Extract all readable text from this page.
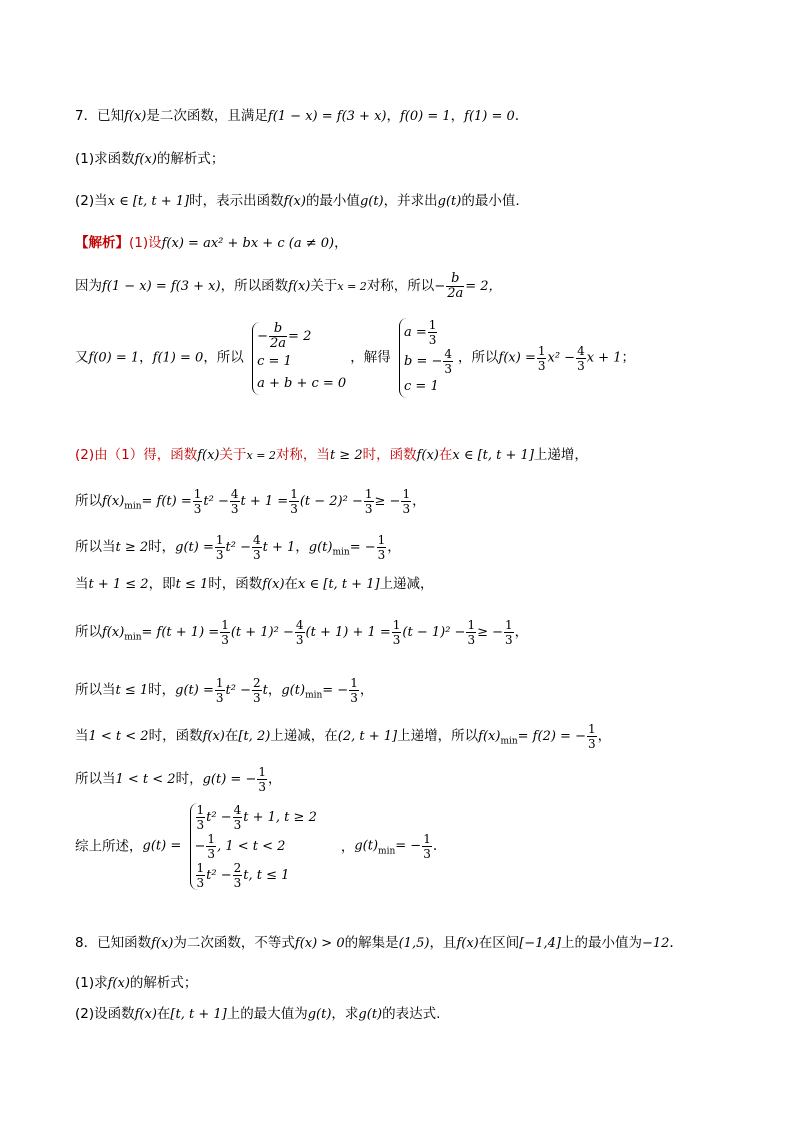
7．已知f(x)是二次函数，且满足f(1 − x) = f(3 + x)，f(0) = 1，f(1) = 0.
(1)求函数f(x)的解析式；
(2)当x ∈ [t, t + 1]时，表示出函数f(x)的最小值g(t)，并求出g(t)的最小值.
【解析】(1)设f(x) = ax² + bx + c (a ≠ 0)，
因为f(1 − x) = f(3 + x)，所以函数f(x)关于x = 2对称，所以− $\frac{b}{2a} = 2$，
又f(0) = 1，f(1) = 0，所以
− $\frac{b}{2a} = 2$
c = 1
a + b + c = 0
，解得
$a = \frac{1}{3}$
b = − $\frac{4}{3}$
c = 1
，所以$f(x) = \frac{1}{3} x^2 - \frac{4}{3}$ x + 1；
(2)由（1）得，函数f(x)关于x = 2对称，当t ≥ 2时，函数f(x)在x ∈ [t, t + 1]上递增，
所以$f(x)_{min}= f(t) = \frac{1}{3} t^2 - \frac{4}{3}$ $t + 1 = \frac{1}{3} (t - 2)^2 - \frac{1}{3}$ ≥ − $\frac{1}{3}$ ，
所以当t ≥ 2时，$g(t) = \frac{1}{3} t^2 - \frac{4}{3}$ t + 1，$g(t)_{min}= - \frac{1}{3}$ ，
当t + 1 ≤ 2，即t ≤ 1时，函数f(x)在x ∈ [t, t + 1]上递减，
所以$f(x)_{min}= f(t + 1) = \frac{1}{3} (t + 1)^2 - \frac{4}{3} (t + 1) + 1 = \frac{1}{3} (t - 1)^2 - \frac{1}{3}$ ≥ − $\frac{1}{3}$ ，
所以当t ≤ 1时，$g(t) = \frac{1}{3} t^2 - \frac{2}{3}$ t，$g(t)_{min}= - \frac{1}{3}$ ，
当1 < t < 2时，函数f(x)在[t, 2)上递减，在(2, t + 1]上递增，所以$f(x)_{min}= f(2)$ = − $\frac{1}{3}$ ，
所以当1 < t < 2时，g(t) = − $\frac{1}{3}$ ，
综上所述，g(t) =
$\frac{1}{3} t^2 - \frac{4}{3}$ t + 1, t ≥ 2
− $\frac{1}{3}$ , 1 < t < 2
$\frac{1}{3} t^2 - \frac{2}{3} t$, t ≤ 1
，$g(t)_{min}= - \frac{1}{3}$ .
8．已知函数f(x)为二次函数，不等式f(x) > 0的解集是(1,5)，且f(x)在区间[−1,4]上的最小值为−12.
(1)求f(x)的解析式；
(2)设函数f(x)在[t, t + 1]上的最大值为g(t)，求g(t)的表达式.
